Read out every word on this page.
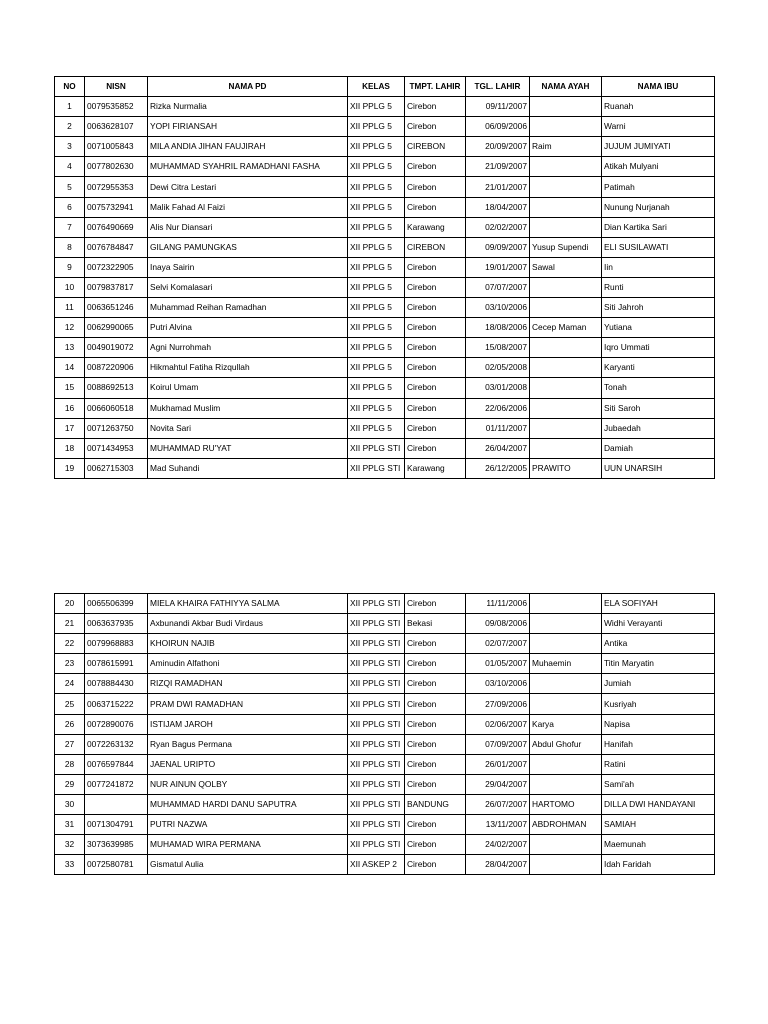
NO	NISN	NAMA PD	KELAS	TMPT. LAHIR	TGL. LAHIR	NAMA AYAH	NAMA IBU
1	0079535852	Rizka Nurmalia	XII PPLG 5	Cirebon	09/11/2007		Ruanah
2	0063628107	YOPI FIRIANSAH	XII PPLG 5	Cirebon	06/09/2006		Warni
3	0071005843	MILA ANDIA JIHAN FAUJIRAH	XII PPLG 5	CIREBON	20/09/2007	Raim	JUJUM JUMIYATI
4	0077802630	MUHAMMAD SYAHRIL RAMADHANI FASHA	XII PPLG 5	Cirebon	21/09/2007		Atikah Mulyani
5	0072955353	Dewi Citra Lestari	XII PPLG 5	Cirebon	21/01/2007		Patimah
6	0075732941	Malik Fahad Al Faizi	XII PPLG 5	Cirebon	18/04/2007		Nunung Nurjanah
7	0076490669	Alis Nur Diansari	XII PPLG 5	Karawang	02/02/2007		Dian Kartika Sari
8	0076784847	GILANG PAMUNGKAS	XII PPLG 5	CIREBON	09/09/2007	Yusup Supendi	ELI SUSILAWATI
9	0072322905	Inaya Sairin	XII PPLG 5	Cirebon	19/01/2007	Sawal	Iin
10	0079837817	Selvi Komalasari	XII PPLG 5	Cirebon	07/07/2007		Runti
11	0063651246	Muhammad Reihan Ramadhan	XII PPLG 5	Cirebon	03/10/2006		Siti Jahroh
12	0062990065	Putri Alvina	XII PPLG 5	Cirebon	18/08/2006	Cecep Maman	Yutiana
13	0049019072	Agni Nurrohmah	XII PPLG 5	Cirebon	15/08/2007		Iqro Ummati
14	0087220906	Hikmahtul Fatiha Rizqullah	XII PPLG 5	Cirebon	02/05/2008		Karyanti
15	0088692513	Koirul Umam	XII PPLG 5	Cirebon	03/01/2008		Tonah
16	0066060518	Mukhamad Muslim	XII PPLG 5	Cirebon	22/06/2006		Siti Saroh
17	0071263750	Novita Sari	XII PPLG 5	Cirebon	01/11/2007		Jubaedah
18	0071434953	MUHAMMAD RU'YAT	XII PPLG STI	Cirebon	26/04/2007		Damiah
19	0062715303	Mad Suhandi	XII PPLG STI	Karawang	26/12/2005	PRAWITO	UUN UNARSIH
20	0065506399	MIELA KHAIRA FATHIYYA SALMA	XII PPLG STI	Cirebon	11/11/2006		ELA SOFIYAH
21	0063637935	Axbunandi Akbar Budi Virdaus	XII PPLG STI	Bekasi	09/08/2006		Widhi Verayanti
22	0079968883	KHOIRUN NAJIB	XII PPLG STI	Cirebon	02/07/2007		Antika
23	0078615991	Aminudin Alfathoni	XII PPLG STI	Cirebon	01/05/2007	Muhaemin	Titin Maryatin
24	0078884430	RIZQI RAMADHAN	XII PPLG STI	Cirebon	03/10/2006		Jumiah
25	0063715222	PRAM DWI RAMADHAN	XII PPLG STI	Cirebon	27/09/2006		Kusriyah
26	0072890076	ISTIJAM JAROH	XII PPLG STI	Cirebon	02/06/2007	Karya	Napisa
27	0072263132	Ryan Bagus Permana	XII PPLG STI	Cirebon	07/09/2007	Abdul Ghofur	Hanifah
28	0076597844	JAENAL URIPTO	XII PPLG STI	Cirebon	26/01/2007		Ratini
29	0077241872	NUR AINUN QOLBY	XII PPLG STI	Cirebon	29/04/2007		Sami'ah
30		MUHAMMAD HARDI DANU SAPUTRA	XII PPLG STI	BANDUNG	26/07/2007	HARTOMO	DILLA DWI HANDAYANI
31	0071304791	PUTRI NAZWA	XII PPLG STI	Cirebon	13/11/2007	ABDROHMAN	SAMIAH
32	3073639985	MUHAMAD WIRA PERMANA	XII PPLG STI	Cirebon	24/02/2007		Maemunah
33	0072580781	Gismatul Aulia	XII ASKEP 2	Cirebon	28/04/2007		Idah Faridah
